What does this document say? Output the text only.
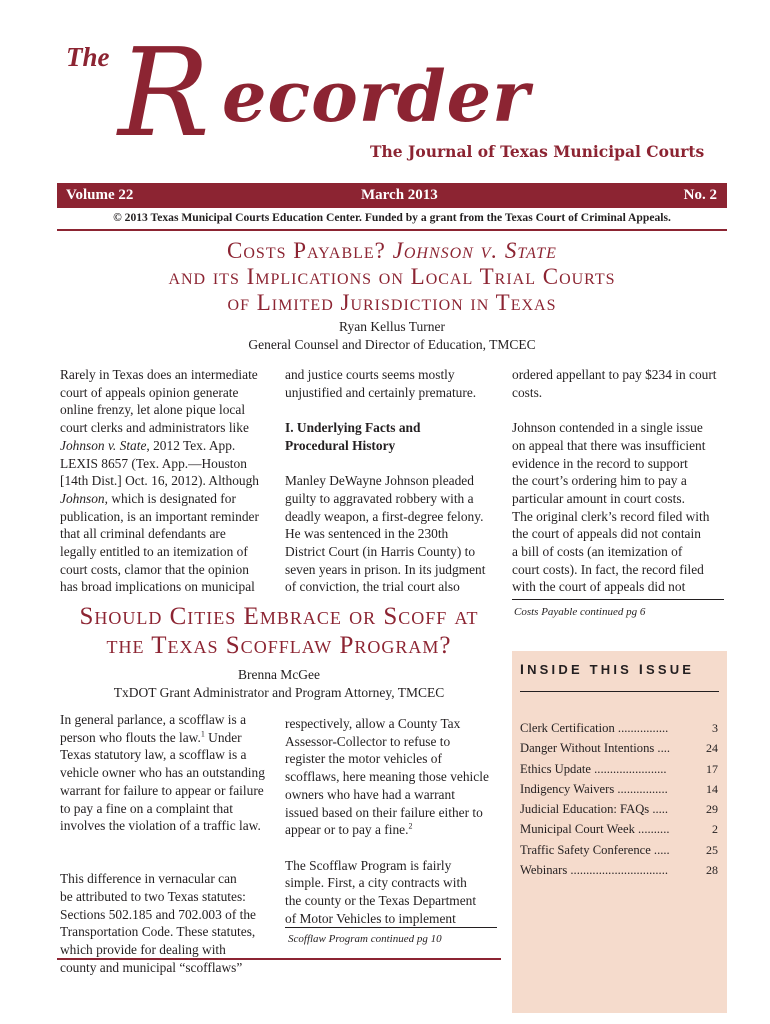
The R ecorder
The Journal of Texas Municipal Courts
Volume 22	March 2013	No. 2
© 2013 Texas Municipal Courts Education Center. Funded by a grant from the Texas Court of Criminal Appeals.
Costs Payable? Johnson v. State
and its Implications on Local Trial Courts
of Limited Jurisdiction in Texas
Ryan Kellus Turner
General Counsel and Director of Education, TMCEC

Rarely in Texas does an intermediate

court of appeals opinion generate

online frenzy, let alone pique local

court clerks and administrators like

Johnson v. State, 2012 Tex. App.

LEXIS 8657 (Tex. App.—Houston

[14th Dist.] Oct. 16, 2012). Although

Johnson, which is designated for

publication, is an important reminder

that all criminal defendants are

legally entitled to an itemization of

court costs, clamor that the opinion

has broad implications on municipal

and justice courts seems mostly

unjustified and certainly premature.

I. Underlying Facts and

Procedural History

Manley DeWayne Johnson pleaded

guilty to aggravated robbery with a

deadly weapon, a first-degree felony.

He was sentenced in the 230th

District Court (in Harris County) to

seven years in prison. In its judgment

of conviction, the trial court also

ordered appellant to pay $234 in court

costs.

Johnson contended in a single issue

on appeal that there was insufficient

evidence in the record to support

the court’s ordering him to pay a

particular amount in court costs.

The original clerk’s record filed with

the court of appeals did not contain

a bill of costs (an itemization of

court costs). In fact, the record filed

with the court of appeals did not

Costs Payable continued pg 6
Should Cities Embrace or Scoff at
the Texas Scofflaw Program?
Brenna McGee
TxDOT Grant Administrator and Program Attorney, TMCEC

In general parlance, a scofflaw is a

person who flouts the law.$^1$ Under

Texas statutory law, a scofflaw is a

vehicle owner who has an outstanding

warrant for failure to appear or failure

to pay a fine on a complaint that

involves the violation of a traffic law.

This difference in vernacular can

be attributed to two Texas statutes:

Sections 502.185 and 702.003 of the

Transportation Code. These statutes,

which provide for dealing with

county and municipal “scofflaws”

respectively, allow a County Tax

Assessor-Collector to refuse to

register the motor vehicles of

scofflaws, here meaning those vehicle

owners who have had a warrant

issued based on their failure either to

appear or to pay a fine.$^2$

The Scofflaw Program is fairly

simple. First, a city contracts with

the county or the Texas Department

of Motor Vehicles to implement

Scofflaw Program continued pg 10
INSIDE THIS ISSUE
Clerk Certification ................	3
Danger Without Intentions ....	24
Ethics Update .......................	17
Indigency Waivers ................	14
Judicial Education: FAQs .....	29
Municipal Court Week ..........	2
Traffic Safety Conference .....	25
Webinars ...............................	28
